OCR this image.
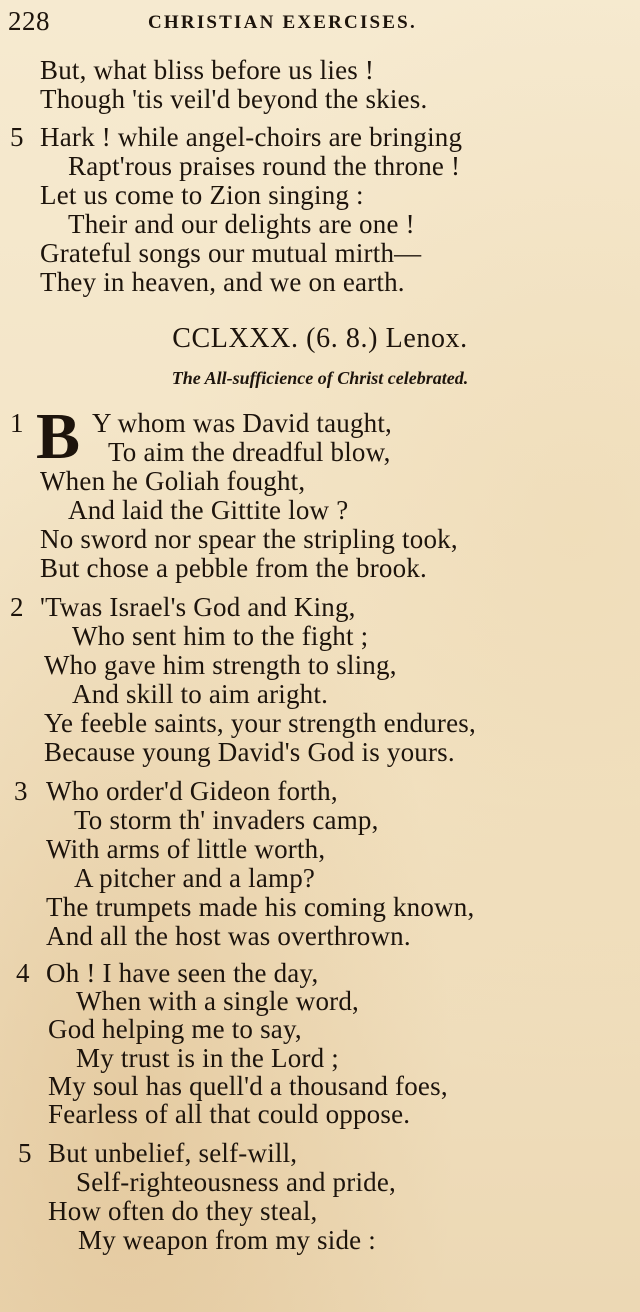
228	CHRISTIAN EXERCISES.
But, what bliss before us lies !
Though 'tis veil'd beyond the skies.
5 Hark ! while angel-choirs are bringing
Rapt'rous praises round the throne !
Let us come to Zion singing :
Their and our delights are one !
Grateful songs our mutual mirth—
They in heaven, and we on earth.
CCLXXX. (6. 8.) Lenox.
The All-sufficience of Christ celebrated.
1 B Y whom was David taught,
To aim the dreadful blow,
When he Goliah fought,
And laid the Gittite low ?
No sword nor spear the stripling took,
But chose a pebble from the brook.
2 'Twas Israel's God and King,
Who sent him to the fight ;
Who gave him strength to sling,
And skill to aim aright.
Ye feeble saints, your strength endures,
Because young David's God is yours.
3 Who order'd Gideon forth,
To storm th' invaders camp,
With arms of little worth,
A pitcher and a lamp?
The trumpets made his coming known,
And all the host was overthrown.
4 Oh ! I have seen the day,
When with a single word,
God helping me to say,
My trust is in the Lord ;
My soul has quell'd a thousand foes,
Fearless of all that could oppose.
5 But unbelief, self-will,
Self-righteousness and pride,
How often do they steal,
My weapon from my side :
